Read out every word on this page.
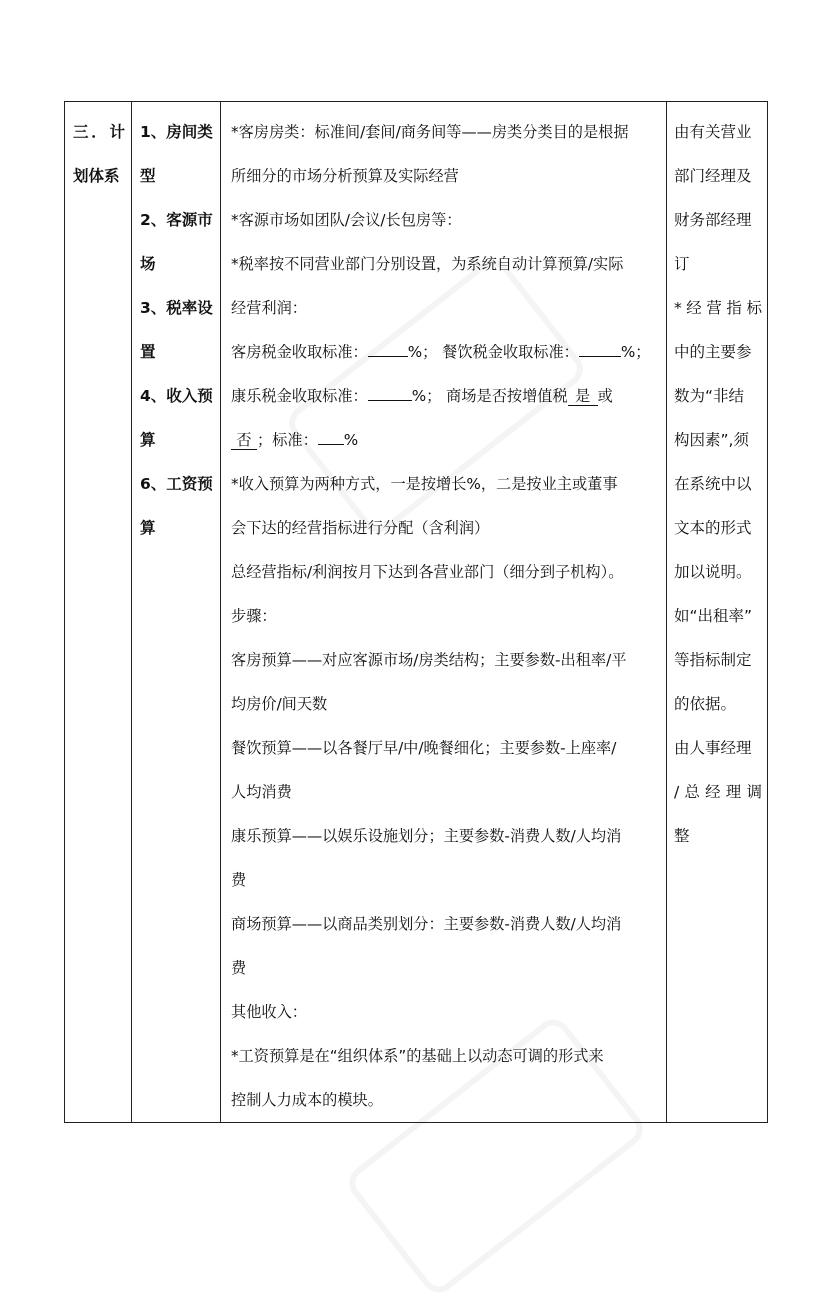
三．计
划体系

1、房间类
型
2、客源市
场
3、税率设
置
4、收入预
算
6、工资预
算

*客房房类：标准间/套间/商务间等——房类分类目的是根据
所细分的市场分析预算及实际经营
*客源市场如团队/会议/长包房等：
*税率按不同营业部门分别设置，为系统自动计算预算/实际
经营利润：
客房税金收取标准：	%； 餐饮税金收取标准：	%；
康乐税金收取标准：	%； 商场是否按增值税 是 或
否 ；标准： %
*收入预算为两种方式，一是按增长%，二是按业主或董事
会下达的经营指标进行分配（含利润）
总经营指标/利润按月下达到各营业部门（细分到子机构）。
步骤：
客房预算——对应客源市场/房类结构；主要参数-出租率/平
均房价/间天数
餐饮预算——以各餐厅早/中/晚餐细化；主要参数-上座率/
人均消费
康乐预算——以娱乐设施划分；主要参数-消费人数/人均消
费
商场预算——以商品类别划分：主要参数-消费人数/人均消
费
其他收入：
*工资预算是在“组织体系”的基础上以动态可调的形式来
控制人力成本的模块。

由有关营业
部门经理及
财务部经理
订
*经营指标
中的主要参
数为“非结
构因素”,须
在系统中以
文本的形式
加以说明。
如“出租率”
等指标制定
的依据。
由人事经理
/总经理调
整
